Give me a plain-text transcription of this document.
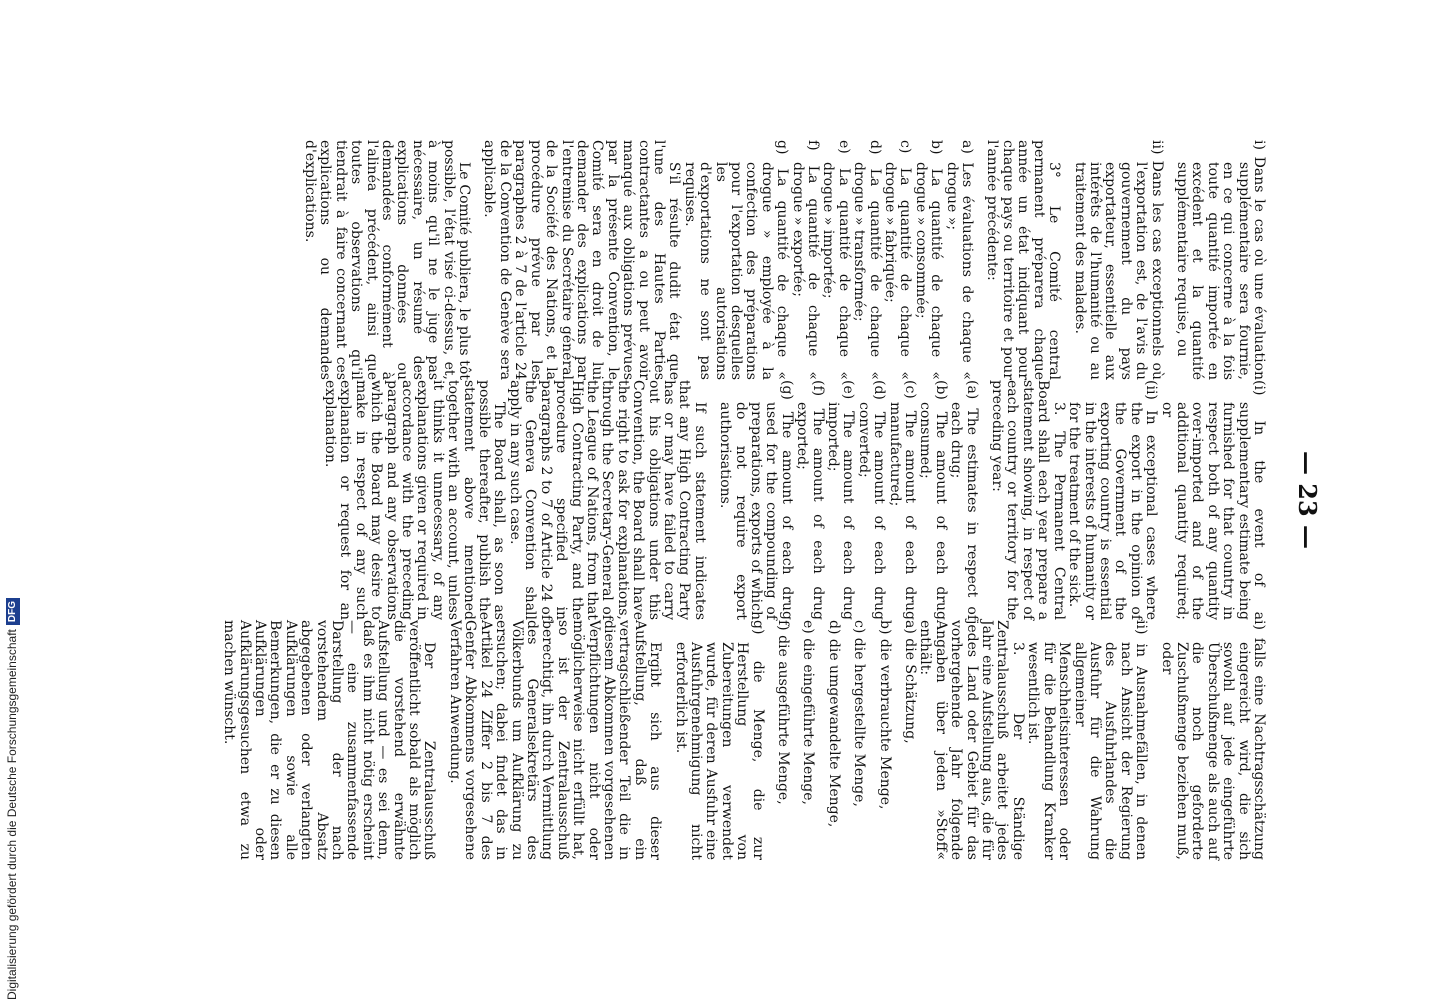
— 23 —

i) Dans le cas où une évaluation supplémentaire sera fournie, en ce qui concerne à la fois toute quantité importée en excédent et la quantité supplémentaire requise, ou

ii) Dans les cas exceptionnels où l'exportation est, de l'avis du gouvernement du pays exportateur, essentielle aux intérêts de l'humanité ou au traitement des malades.

3° Le Comité central permanent préparera chaque année un état indiquant pour chaque pays ou territoire et pour l'année précédente:

a) Les évaluations de chaque « drogue »;

b) La quantité de chaque « drogue » consommée;

c) La quantité de chaque « drogue » fabriquée;

d) La quantité de chaque « drogue » transformée;

e) La quantité de chaque « drogue » importée;

f) La quantité de chaque « drogue » exportée;

g) La quantité de chaque « drogue » employée à la confection des préparations pour l'exportation desquelles les autorisations d'exportations ne sont pas requises.

S'il résulte dudit état que l'une des Hautes Parties contractantes a ou peut avoir manqué aux obligations prévues par la présente Convention, le Comité sera en droit de lui demander des explications par l'entremise du Secrétaire général de la Société des Nations, et la procédure prévue par les paragraphes 2 à 7 de l'article 24 de la Convention de Genève sera applicable.

Le Comité publiera, le plus tôt possible, l'état visé ci-dessus, et, à moins qu'il ne le juge pas nécessaire, un résumé des explications données ou demandées conformément à l'alinéa précédent, ainsi que toutes observations qu'il tiendrait à faire concernant ces explications ou demandes d'explications.

(i) In the event of a supplementary estimate being furnished for that country in respect both of any quantity over-imported and of the additional quantity required; or

(ii) In exceptional cases where the export in the opinion of the Government of the exporting country is essential in the interests of humanity or for the treatment of the sick.

3. The Permanent Central Board shall each year prepare a statement showing, in respect of each country or territory for the preceding year:

(a) The estimates in respect of each drug;

(b) The amount of each drug consumed;

(c) The amount of each drug manufactured;

(d) The amount of each drug converted;

(e) The amount of each drug imported;

(f) The amount of each drug exported;

(g) The amount of each drug used for the compounding of preparations, exports of which do not require export authorisations.

If such statement indicates that any High Contracting Party has or may have failed to carry out his obligations under this Convention, the Board shall have the right to ask for explanations, through the Secretary-General of the League of Nations, from that High Contracting Party, and the procedure specified in paragraphs 2 to 7 of Article 24 of the Geneva Convention shall apply in any such case.

The Board shall, as soon as possible thereafter, publish the statement above mentioned together with an account, unless it thinks it unnecessary, of any explanations given or required in accordance with the preceding paragraph and any observations which the Board may desire to make in respect of any such explanation or request for an explanation.

i) falls eine Nachtragsschätzung eingereicht wird, die sich sowohl auf jede eingeführte Überschußmenge als auch auf die noch geforderte Zuschußmenge beziehen muß, oder

ii) in Ausnahmefällen, in denen nach Ansicht der Regierung des Ausfuhrlandes die Ausfuhr für die Wahrung allgemeiner Menschheitsinteressen oder für die Behandlung Kranker wesentlich ist.

3. Der Ständige Zentralausschuß arbeitet jedes Jahr eine Aufstellung aus, die für jedes Land oder Gebiet für das vorhergehende Jahr folgende Angaben über jeden »Stoff« enthält:

a) die Schätzung,

b) die verbrauchte Menge,

c) die hergestellte Menge,

d) die umgewandelte Menge,

e) die eingeführte Menge,

f) die ausgeführte Menge,

g) die Menge, die zur Herstellung von Zubereitungen verwendet wurde, für deren Ausfuhr eine Ausfuhrgenehmigung nicht erforderlich ist.

Ergibt sich aus dieser Aufstellung, daß ein vertragschließender Teil die in diesem Abkommen vorgesehenen Verpflichtungen nicht oder möglicherweise nicht erfüllt hat, so ist der Zentralausschuß berechtigt, ihn durch Vermittlung des Generalsekretärs des Völkerbunds um Aufklärung zu ersuchen; dabei findet das in Artikel 24 Ziffer 2 bis 7 des Genfer Abkommens vorgesehene Verfahren Anwendung.

Der Zentralausschuß veröffentlicht sobald als möglich die vorstehend erwähnte Aufstellung und — es sei denn, daß es ihm nicht nötig erscheint — eine zusammenfassende Darstellung der nach vorstehendem Absatz abgegebenen oder verlangten Aufklärungen sowie alle Bemerkungen, die er zu diesen Aufklärungen oder Aufklärungsgesuchen etwa zu machen wünscht.

Digitalisierung gefördert durch die Deutsche ForschungsgemeinschaftDFG
